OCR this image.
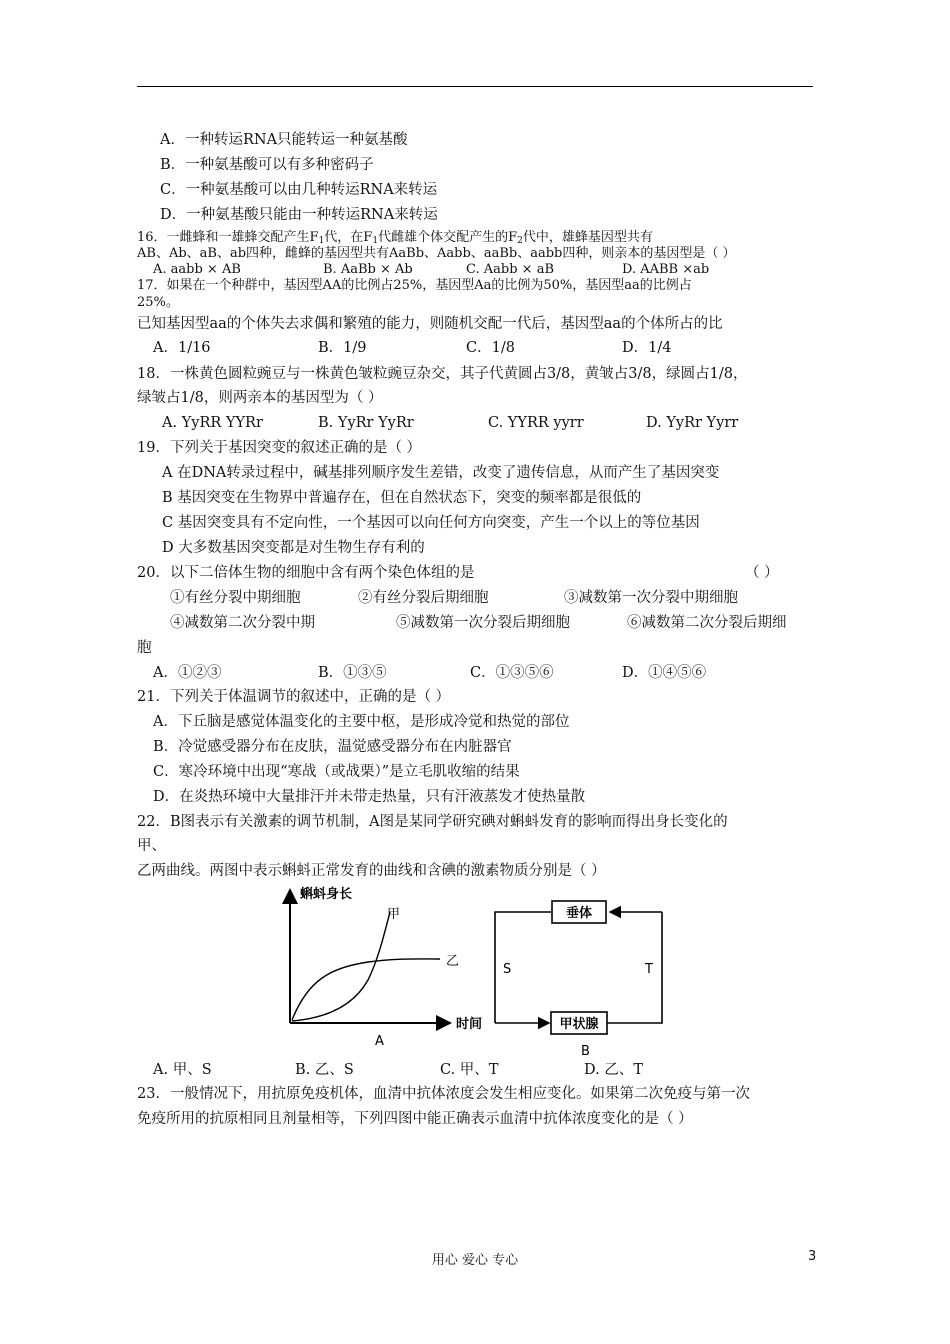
A．一种转运RNA只能转运一种氨基酸
B．一种氨基酸可以有多种密码子
C．一种氨基酸可以由几种转运RNA来转运
D．一种氨基酸只能由一种转运RNA来转运
16．一雌蜂和一雄蜂交配产生$F_1$代，在$F_1$代雌雄个体交配产生的$F_2$代中，雄蜂基因型共有
AB、Ab、aB、ab四种，雌蜂的基因型共有AaBb、Aabb、aaBb、aabb四种，则亲本的基因型是（ ）
A. aabb × AB	B. AaBb × Ab	C. Aabb × aB	D. AABB ×ab
17．如果在一个种群中，基因型AA的比例占25%，基因型Aa的比例为50%，基因型aa的比例占
25%。
已知基因型aa的个体失去求偶和繁殖的能力，则随机交配一代后，基因型aa的个体所占的比
A．1/16	B．1/9	C．1/8	D．1/4
18．一株黄色圆粒豌豆与一株黄色皱粒豌豆杂交，其子代黄圆占3/8，黄皱占3/8，绿圆占1/8，
绿皱占1/8，则两亲本的基因型为（ ）
A. YyRR YYRr	B. YyRr YyRr	C. YYRR yyrr	D. YyRr Yyrr
19．下列关于基因突变的叙述正确的是（ ）
A 在DNA转录过程中，碱基排列顺序发生差错，改变了遗传信息，从而产生了基因突变
B 基因突变在生物界中普遍存在，但在自然状态下，突变的频率都是很低的
C 基因突变具有不定向性，一个基因可以向任何方向突变，产生一个以上的等位基因
D 大多数基因突变都是对生物生存有利的
20．以下二倍体生物的细胞中含有两个染色体组的是	（ ）
①有丝分裂中期细胞	②有丝分裂后期细胞	③减数第一次分裂中期细胞
④减数第二次分裂中期	⑤减数第一次分裂后期细胞	⑥减数第二次分裂后期细
胞
A．①②③	B．①③⑤	C．①③⑤⑥	D．①④⑤⑥
21．下列关于体温调节的叙述中，正确的是（ ）
A．下丘脑是感觉体温变化的主要中枢，是形成冷觉和热觉的部位
B．冷觉感受器分布在皮肤，温觉感受器分布在内脏器官
C．寒冷环境中出现“寒战（或战栗）”是立毛肌收缩的结果
D．在炎热环境中大量排汗并未带走热量，只有汗液蒸发才使热量散
22．B图表示有关激素的调节机制，A图是某同学研究碘对蝌蚪发育的影响而得出身长变化的
甲、
乙两曲线。两图中表示蝌蚪正常发育的曲线和含碘的激素物质分别是（ ）
蝌蚪身长
时间
甲
乙
A
垂体
甲状腺
S	T
B
A. 甲、S	B. 乙、S	C. 甲、T	D. 乙、T
23．一般情况下，用抗原免疫机体，血清中抗体浓度会发生相应变化。如果第二次免疫与第一次
免疫所用的抗原相同且剂量相等，下列四图中能正确表示血清中抗体浓度变化的是（ ）
用心 爱心 专心	3
